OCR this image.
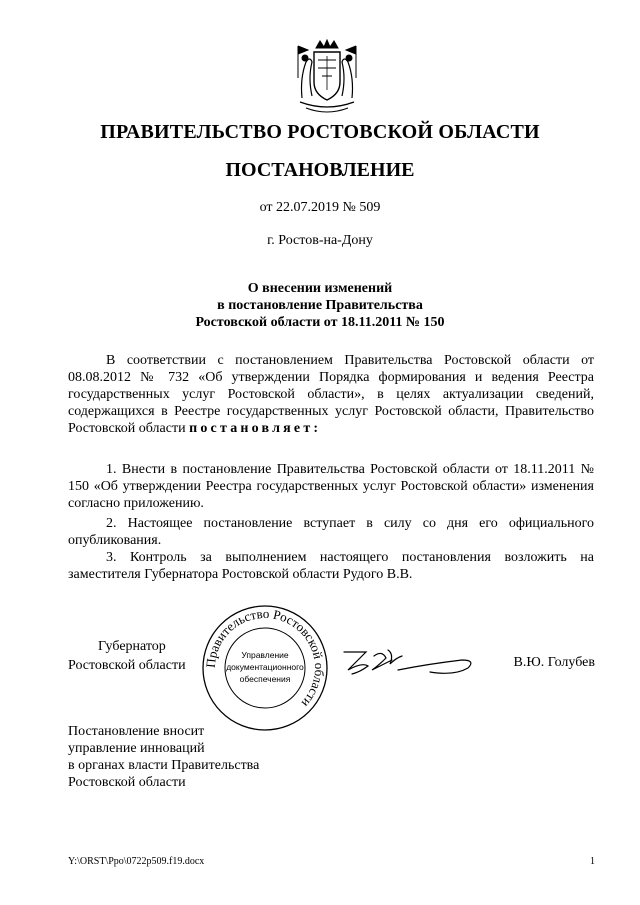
ПРАВИТЕЛЬСТВО РОСТОВСКОЙ ОБЛАСТИ
ПОСТАНОВЛЕНИЕ
от 22.07.2019 № 509
г. Ростов-на-Дону
О внесении изменений
в постановление Правительства
Ростовской области от 18.11.2011 № 150
В соответствии с постановлением Правительства Ростовской области от 08.08.2012 № 732 «Об утверждении Порядка формирования и ведения Реестра государственных услуг Ростовской области», в целях актуализации сведений, содержащихся в Реестре государственных услуг Ростовской области, Правительство Ростовской области постановляет:
1. Внести в постановление Правительства Ростовской области от 18.11.2011 № 150 «Об утверждении Реестра государственных услуг Ростовской области» изменения согласно приложению.
2. Настоящее постановление вступает в силу со дня его официального опубликования.
3. Контроль за выполнением настоящего постановления возложить на заместителя Губернатора Ростовской области Рудого В.В.
Губернатор
Ростовской области	Правительство Ростовской области
Управление
документационного
обеспечения
В.Ю. Голубев
Постановление вносит
управление инноваций
в органах власти Правительства
Ростовской области
Y:\ORST\Ppo\0722p509.f19.docx	1
